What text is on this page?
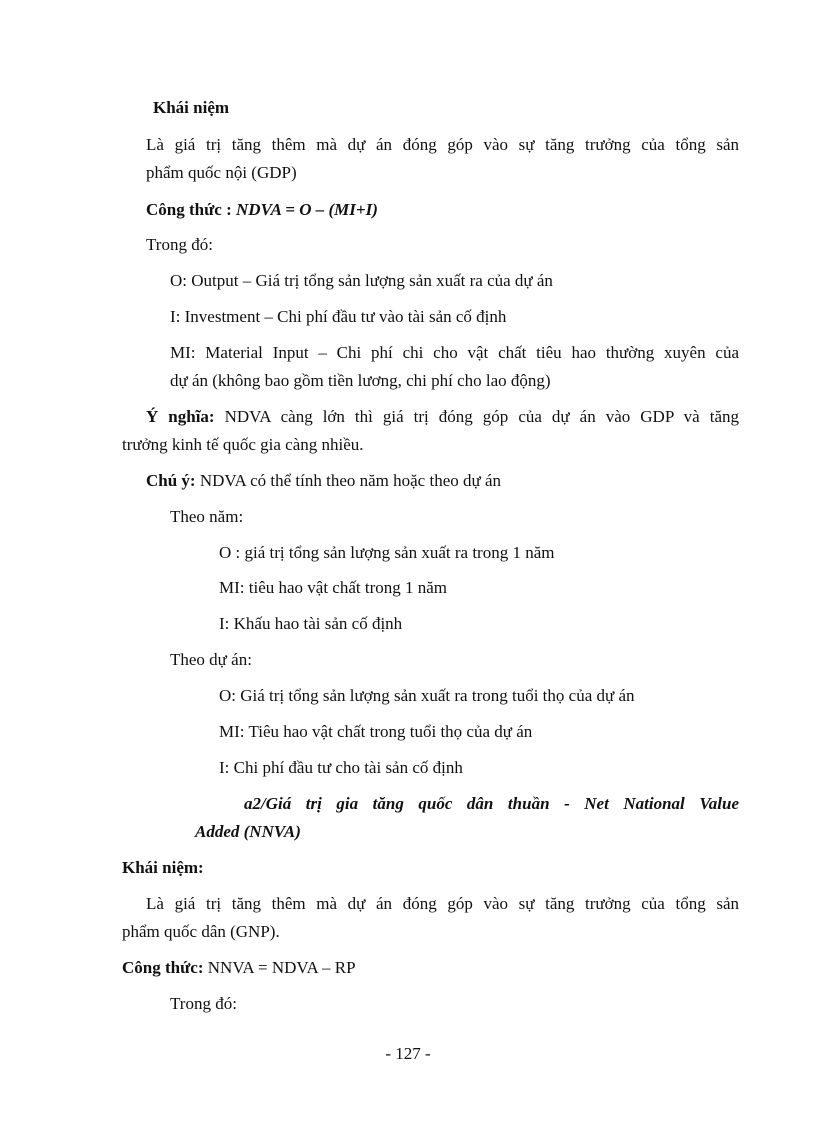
Khái niệm
Là giá trị tăng thêm mà dự án đóng góp vào sự tăng trưởng của tổng sản
phẩm quốc nội (GDP)
Công thức : NDVA = O – (MI+I)
Trong đó:
O: Output – Giá trị tổng sản lượng sản xuất ra của dự án
I: Investment – Chi phí đầu tư vào tài sản cố định
MI: Material Input – Chi phí chi cho vật chất tiêu hao thường xuyên của
dự án (không bao gồm tiền lương, chi phí cho lao động)
Ý nghĩa: NDVA càng lớn thì giá trị đóng góp của dự án vào GDP và tăng
trưởng kinh tế quốc gia càng nhiều.
Chú ý: NDVA có thể tính theo năm hoặc theo dự án
Theo năm:
O : giá trị tổng sản lượng sản xuất ra trong 1 năm
MI: tiêu hao vật chất trong 1 năm
I: Khấu hao tài sản cố định
Theo dự án:
O: Giá trị tổng sản lượng sản xuất ra trong tuổi thọ của dự án
MI: Tiêu hao vật chất trong tuổi thọ của dự án
I: Chi phí đầu tư cho tài sản cố định
a2/Giá trị gia tăng quốc dân thuần - Net National Value
Added (NNVA)
Khái niệm:
Là giá trị tăng thêm mà dự án đóng góp vào sự tăng trưởng của tổng sản
phẩm quốc dân (GNP).
Công thức: NNVA = NDVA – RP
Trong đó:
- 127 -
